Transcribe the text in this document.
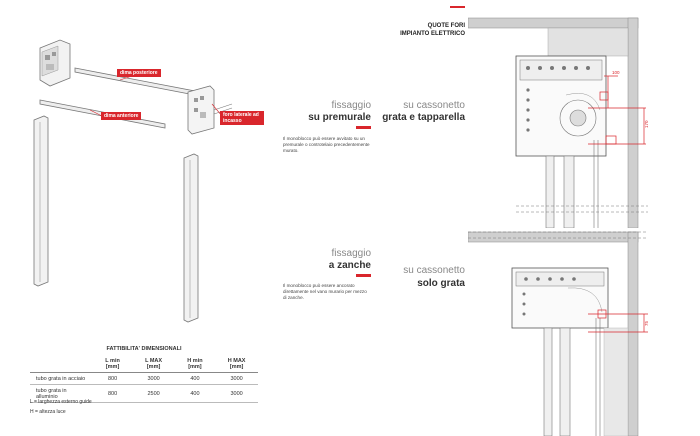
dima posteriore
dima anteriore	foro laterale ad incasso
fissaggio
su premurale
Il monoblocco può essere avvitato su un premurale o controtelaio precedentemente murato.
su cassonetto
grata e tapparella
fissaggio
a zanche
Il monoblocco può essere ancorato direttamente nel vano murario per mezzo di zanche.
su cassonetto
solo grata
QUOTE FORI
IMPIANTO ELETTRICO
100
170
75
FATTIBILITA' DIMENSIONALI
	L min [mm]	L MAX [mm]	H min [mm]	H MAX [mm]
tubo grata in acciaio	800	3000	400	3000
tubo grata in alluminio	800	2500	400	3000
L = larghezza esterno guide
H = altezza luce
